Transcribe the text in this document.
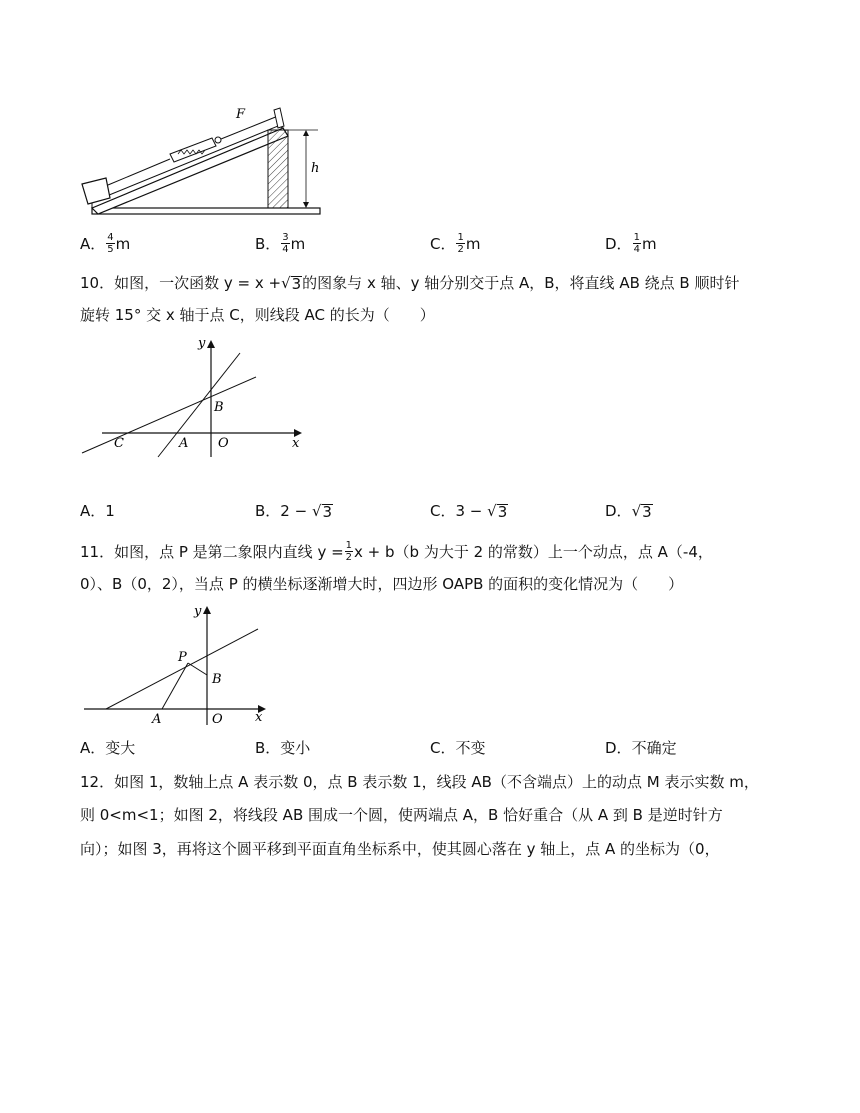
F
h
A． $\frac{4}{5}$ m	B． $\frac{3}{4}$ m	C． $\frac{1}{2}$ m	D． $\frac{1}{4}$ m
10．如图，一次函数 y = x + √ 3 的图象与 x 轴、y 轴分别交于点 A，B，将直线 AB 绕点 B 顺时针
旋转 15° 交 x 轴于点 C，则线段 AC 的长为（　　）
y
x
B
C	A O
A． 1	B． 2 − √ 3	C． 3 − √ 3	D． √ 3
11．如图，点 P 是第二象限内直线 $y = \frac{1}{2}$ x + b（b 为大于 2 的常数）上一个动点，点 A（-4，
0）、B（0，2），当点 P 的横坐标逐渐增大时，四边形 OAPB 的面积的变化情况为（　　）
y
x
P
B
A	O
A． 变大	B． 变小	C． 不变	D． 不确定
12．如图 1，数轴上点 A 表示数 0，点 B 表示数 1，线段 AB（不含端点）上的动点 M 表示实数 m，
则 0<m<1；如图 2，将线段 AB 围成一个圆，使两端点 A，B 恰好重合（从 A 到 B 是逆时针方
向）；如图 3，再将这个圆平移到平面直角坐标系中，使其圆心落在 y 轴上，点 A 的坐标为（0，
